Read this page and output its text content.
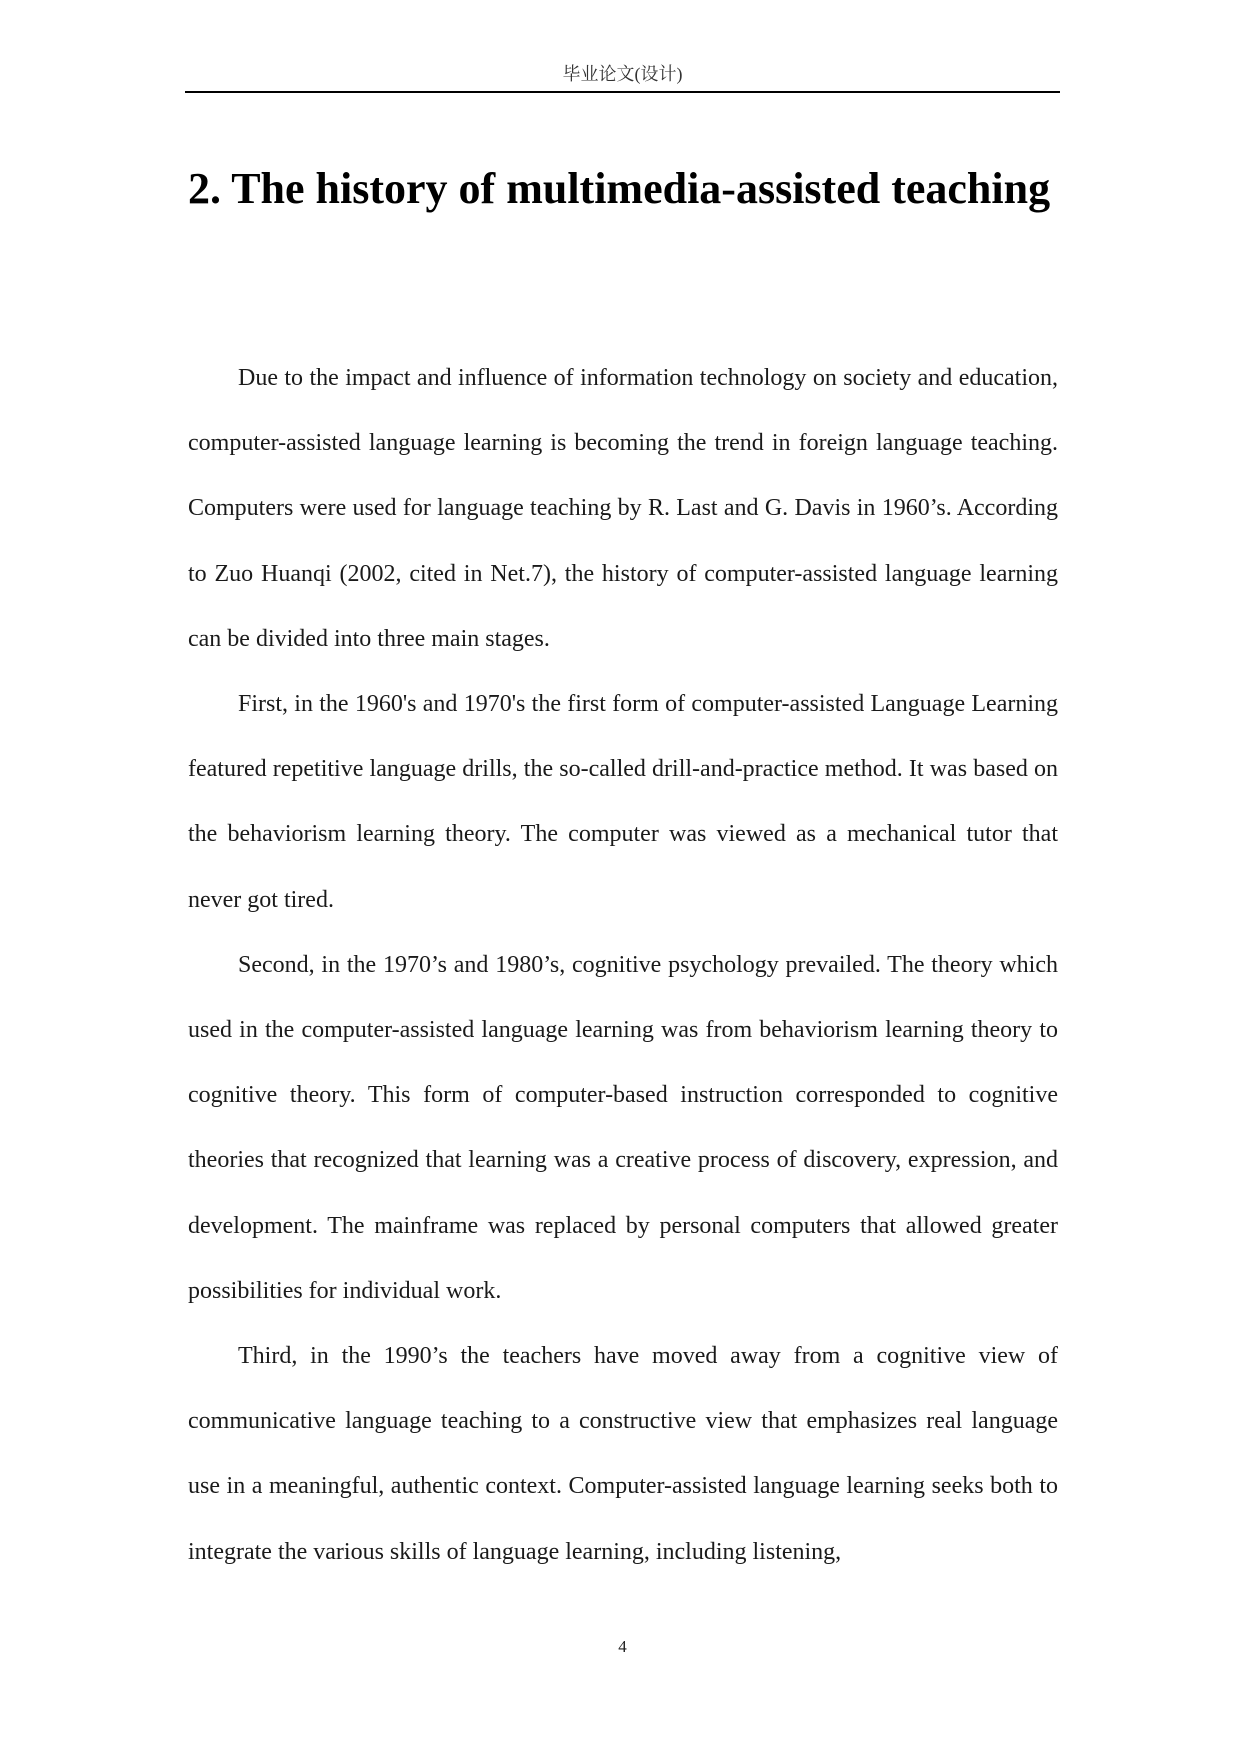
毕业论文(设计)
2. The history of multimedia-assisted teaching

Due to the impact and influence of information technology on society and education, computer-assisted language learning is becoming the trend in foreign language teaching. Computers were used for language teaching by R. Last and G. Davis in 1960’s. According to Zuo Huanqi (2002, cited in Net.7), the history of computer-assisted language learning can be divided into three main stages.

First, in the 1960's and 1970's the first form of computer-assisted Language Learning featured repetitive language drills, the so-called drill-and-practice method. It was based on the behaviorism learning theory. The computer was viewed as a mechanical tutor that never got tired.

Second, in the 1970’s and 1980’s, cognitive psychology prevailed. The theory which used in the computer-assisted language learning was from behaviorism learning theory to cognitive theory. This form of computer-based instruction corresponded to cognitive theories that recognized that learning was a creative process of discovery, expression, and development. The mainframe was replaced by personal computers that allowed greater possibilities for individual work.

Third, in the 1990’s the teachers have moved away from a cognitive view of communicative language teaching to a constructive view that emphasizes real language use in a meaningful, authentic context. Computer-assisted language learning seeks both to integrate the various skills of language learning, including listening,

4
